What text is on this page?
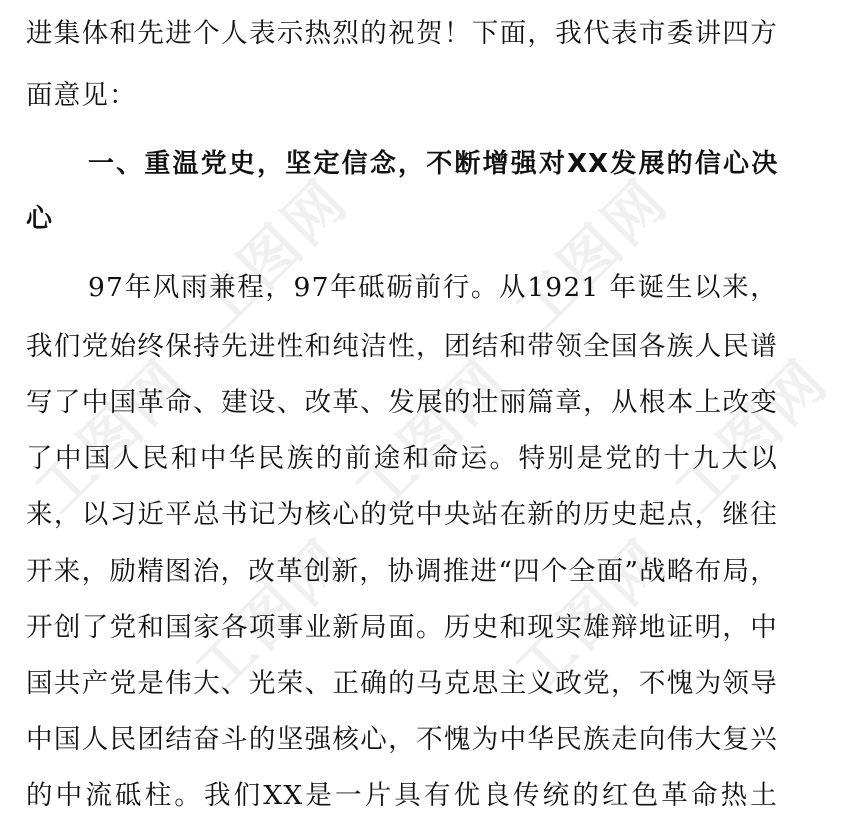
工图网 工图网
工图网 工图网
工图网
工图网 工图网
进集体和先进个人表示热烈的祝贺！下面，我代表市委讲四方
面意见：
一、重温党史，坚定信念，不断增强对XX发展的信心决
心
97年风雨兼程，97年砥砺前行。从1921 年诞生以来，
我们党始终保持先进性和纯洁性，团结和带领全国各族人民谱
写了中国革命、建设、改革、发展的壮丽篇章，从根本上改变
了中国人民和中华民族的前途和命运。特别是党的十九大以
来，以习近平总书记为核心的党中央站在新的历史起点，继往
开来，励精图治，改革创新，协调推进“四个全面”战略布局，
开创了党和国家各项事业新局面。历史和现实雄辩地证明，中
国共产党是伟大、光荣、正确的马克思主义政党，不愧为领导
中国人民团结奋斗的坚强核心，不愧为中华民族走向伟大复兴
的中流砥柱。我们XX是一片具有优良传统的红色革命热土
